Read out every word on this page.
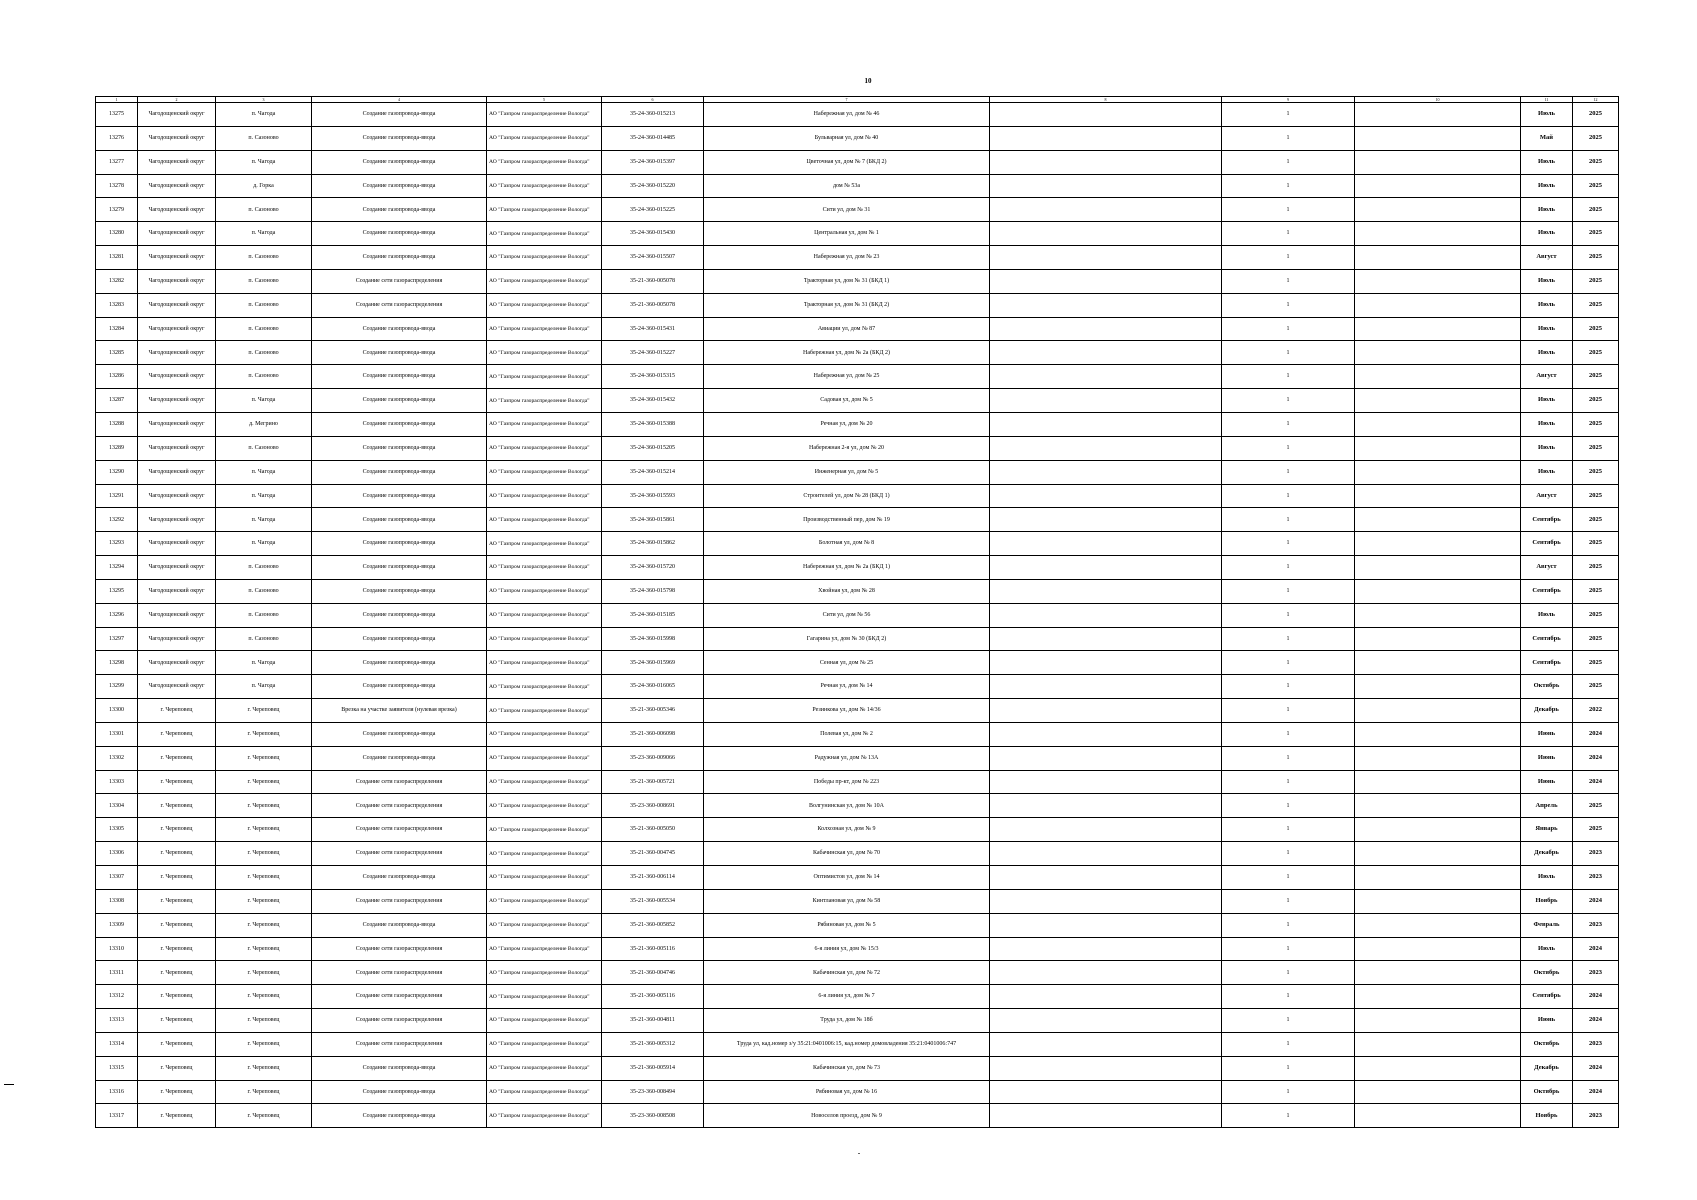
10
1	2	3	4	5	6	7	8	9	10	11	12
13275	Чагодощенский округ	п. Чагода	Создание газопровода-ввода	АО "Газпром газораспределение Вологда"	35-24-360-015213	Набережная ул, дом № 46		1		Июль	2025
13276	Чагодощенский округ	п. Сазоново	Создание газопровода-ввода	АО "Газпром газораспределение Вологда"	35-24-360-014485	Бульварная ул, дом № 40		1		Май	2025
13277	Чагодощенский округ	п. Чагода	Создание газопровода-ввода	АО "Газпром газораспределение Вологда"	35-24-360-015397	Цветочная ул, дом № 7 (БКД 2)		1		Июль	2025
13278	Чагодощенский округ	д. Горка	Создание газопровода-ввода	АО "Газпром газораспределение Вологда"	35-24-360-015220	дом № 53а		1		Июль	2025
13279	Чагодощенский округ	п. Сазоново	Создание газопровода-ввода	АО "Газпром газораспределение Вологда"	35-24-360-015225	Сити ул, дом № 31		1		Июль	2025
13280	Чагодощенский округ	п. Чагода	Создание газопровода-ввода	АО "Газпром газораспределение Вологда"	35-24-360-015430	Центральная ул, дом № 1		1		Июль	2025
13281	Чагодощенский округ	п. Сазоново	Создание газопровода-ввода	АО "Газпром газораспределение Вологда"	35-24-360-015507	Набережная ул, дом № 23		1		Август	2025
13282	Чагодощенский округ	п. Сазоново	Создание сети газораспределения	АО "Газпром газораспределение Вологда"	35-21-360-005078	Тракторная ул, дом № 31 (БКД 1)		1		Июль	2025
13283	Чагодощенский округ	п. Сазоново	Создание сети газораспределения	АО "Газпром газораспределение Вологда"	35-21-360-005078	Тракторная ул, дом № 31 (БКД 2)		1		Июль	2025
13284	Чагодощенский округ	п. Сазоново	Создание газопровода-ввода	АО "Газпром газораспределение Вологда"	35-24-360-015431	Авиации ул, дом № 87		1		Июль	2025
13285	Чагодощенский округ	п. Сазоново	Создание газопровода-ввода	АО "Газпром газораспределение Вологда"	35-24-360-015227	Набережная ул, дом № 2а (БКД 2)		1		Июль	2025
13286	Чагодощенский округ	п. Сазоново	Создание газопровода-ввода	АО "Газпром газораспределение Вологда"	35-24-360-015315	Набережная ул, дом № 25		1		Август	2025
13287	Чагодощенский округ	п. Чагода	Создание газопровода-ввода	АО "Газпром газораспределение Вологда"	35-24-360-015432	Садовая ул, дом № 5		1		Июль	2025
13288	Чагодощенский округ	д. Мегрино	Создание газопровода-ввода	АО "Газпром газораспределение Вологда"	35-24-360-015388	Речная ул, дом № 20		1		Июль	2025
13289	Чагодощенский округ	п. Сазоново	Создание газопровода-ввода	АО "Газпром газораспределение Вологда"	35-24-360-015205	Набережная 2-я ул, дом № 20		1		Июль	2025
13290	Чагодощенский округ	п. Чагода	Создание газопровода-ввода	АО "Газпром газораспределение Вологда"	35-24-360-015214	Инженерная ул, дом № 5		1		Июль	2025
13291	Чагодощенский округ	п. Чагода	Создание газопровода-ввода	АО "Газпром газораспределение Вологда"	35-24-360-015593	Строителей ул, дом № 28 (БКД 1)		1		Август	2025
13292	Чагодощенский округ	п. Чагода	Создание газопровода-ввода	АО "Газпром газораспределение Вологда"	35-24-360-015861	Производственный пер, дом № 19		1		Сентябрь	2025
13293	Чагодощенский округ	п. Чагода	Создание газопровода-ввода	АО "Газпром газораспределение Вологда"	35-24-360-015862	Болотная ул, дом № 8		1		Сентябрь	2025
13294	Чагодощенский округ	п. Сазоново	Создание газопровода-ввода	АО "Газпром газораспределение Вологда"	35-24-360-015720	Набережная ул, дом № 2а (БКД 1)		1		Август	2025
13295	Чагодощенский округ	п. Сазоново	Создание газопровода-ввода	АО "Газпром газораспределение Вологда"	35-24-360-015798	Хвойная ул, дом № 28		1		Сентябрь	2025
13296	Чагодощенский округ	п. Сазоново	Создание газопровода-ввода	АО "Газпром газораспределение Вологда"	35-24-360-015185	Сити ул, дом № 56		1		Июль	2025
13297	Чагодощенский округ	п. Сазоново	Создание газопровода-ввода	АО "Газпром газораспределение Вологда"	35-24-360-015998	Гагарина ул, дом № 30 (БКД 2)		1		Сентябрь	2025
13298	Чагодощенский округ	п. Чагода	Создание газопровода-ввода	АО "Газпром газораспределение Вологда"	35-24-360-015969	Сенная ул, дом № 25		1		Сентябрь	2025
13299	Чагодощенский округ	п. Чагода	Создание газопровода-ввода	АО "Газпром газораспределение Вологда"	35-24-360-016065	Речная ул, дом № 14		1		Октябрь	2025
13300	г. Череповец	г. Череповец	Врезка на участке заявителя (нулевая врезка)	АО "Газпром газораспределение Вологда"	35-21-360-005346	Резинкова ул, дом № 14/36		1		Декабрь	2022
13301	г. Череповец	г. Череповец	Создание газопровода-ввода	АО "Газпром газораспределение Вологда"	35-21-360-006098	Полевая ул, дом № 2		1		Июнь	2024
13302	г. Череповец	г. Череповец	Создание газопровода-ввода	АО "Газпром газораспределение Вологда"	35-23-360-009066	Радужная ул, дом № 13А		1		Июнь	2024
13303	г. Череповец	г. Череповец	Создание сети газораспределения	АО "Газпром газораспределение Вологда"	35-21-360-005721	Победы пр-кт, дом № 223		1		Июнь	2024
13304	г. Череповец	г. Череповец	Создание сети газораспределения	АО "Газпром газораспределение Вологда"	35-23-360-008691	Волгунинская ул, дом № 10А		1		Апрель	2025
13305	г. Череповец	г. Череповец	Создание сети газораспределения	АО "Газпром газораспределение Вологда"	35-21-360-005050	Колхозная ул, дом № 9		1		Январь	2025
13306	г. Череповец	г. Череповец	Создание сети газораспределения	АО "Газпром газораспределение Вологда"	35-21-360-004745	Кабачинская ул, дом № 70		1		Декабрь	2023
13307	г. Череповец	г. Череповец	Создание газопровода-ввода	АО "Газпром газораспределение Вологда"	35-21-360-006114	Оптимистов ул, дом № 14		1		Июль	2023
13308	г. Череповец	г. Череповец	Создание сети газораспределения	АО "Газпром газораспределение Вологда"	35-21-360-005534	Кинтлановая ул, дом № 58		1		Ноябрь	2024
13309	г. Череповец	г. Череповец	Создание газопровода-ввода	АО "Газпром газораспределение Вологда"	35-21-360-005852	Рябиновая ул, дом № 5		1		Февраль	2023
13310	г. Череповец	г. Череповец	Создание сети газораспределения	АО "Газпром газораспределение Вологда"	35-21-360-005116	6-я линия ул, дом № 15/3		1		Июль	2024
13311	г. Череповец	г. Череповец	Создание сети газораспределения	АО "Газпром газораспределение Вологда"	35-21-360-004746	Кабачинская ул, дом № 72		1		Октябрь	2023
13312	г. Череповец	г. Череповец	Создание сети газораспределения	АО "Газпром газораспределение Вологда"	35-21-360-005116	6-я линия ул, дом № 7		1		Сентябрь	2024
13313	г. Череповец	г. Череповец	Создание сети газораспределения	АО "Газпром газораспределение Вологда"	35-21-360-004811	Труда ул, дом № 18б		1		Июнь	2024
13314	г. Череповец	г. Череповец	Создание сети газораспределения	АО "Газпром газораспределение Вологда"	35-21-360-005312	Труда ул, кад.номер з/у 35:21:0401006:15, кад.номер домовладения 35:21:0401006:747		1		Октябрь	2023
13315	г. Череповец	г. Череповец	Создание газопровода-ввода	АО "Газпром газораспределение Вологда"	35-21-360-005914	Кабачинская ул, дом № 73		1		Декабрь	2024
13316	г. Череповец	г. Череповец	Создание газопровода-ввода	АО "Газпром газораспределение Вологда"	35-23-360-008494	Рябиновая ул, дом № 16		1		Октябрь	2024
13317	г. Череповец	г. Череповец	Создание газопровода-ввода	АО "Газпром газораспределение Вологда"	35-23-360-008508	Новоселов проезд, дом № 9		1		Ноябрь	2023
